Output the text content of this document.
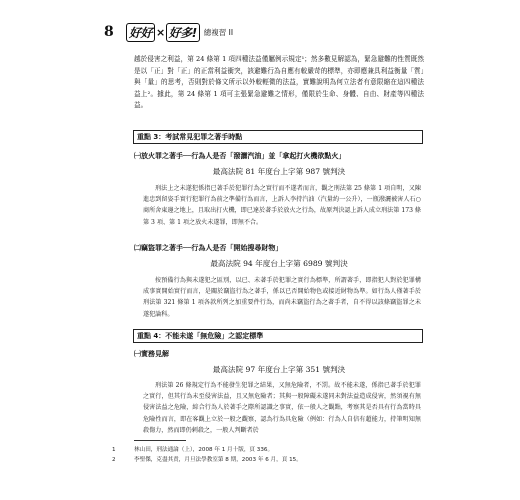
8	好好 × 好多! 總複習 II

越於侵害之利益，第 24 條第 1 項四種法益僅屬例示規定¹；然多數見解認為，緊急避難的性質既然是以「正」對「正」的正當利益衝突，該避難行為自應有較嚴苛的標準，亦即應兼具利益衡量「質」與「量」的思考，否則對於條文所示以外較輕微的法益，實難說明為何立法者有意限縮在這四種法益上²。據此，第 24 條第 1 項可主張緊急避難之情形，僅限於生命、身體、自由、財產等四種法益。

重點 3：考試常見犯罪之著手時點
㈠放火罪之著手──行為人是否「潑灑汽油」並「拿起打火機欲點火」
最高法院 81 年度台上字第 987 號判決

刑法上之未遂犯係指已著手於犯罪行為之實行而不遂者而言，觀之刑法第 25 條第 1 項自明，又陳進忠到留姿手實行犯罪行為前之準備行為而言，上訴人李持汽油（汽量約一公升），一瓶潑灑被害人石○商所舍東邊之地上，且取出打火機，即已達於著手於放火之行為，故原判決認上訴人成立刑法第 173 條第 3 項、第 1 項之放火未遂罪，即無不合。

㈡竊盜罪之著手──行為人是否「開始搜尋財物」
最高法院 94 年度台上字第 6989 號判決

按預備行為與未遂犯之區別，以已、未著手於犯罪之實行為標準，所謂著手，即指犯人對於犯罪構成事實開始實行而言，是關於竊盜行為之著手，係以已否開始物色或接近財物為準。如行為人僅著手於刑法第 321 條第 1 項各款所列之加重要件行為，而尚未竊盜行為之著手者，自不得以該條竊盜罪之未遂犯論科。

重點 4：不能未遂「無危險」之認定標準
㈠實務見解
最高法院 97 年度台上字第 351 號判決

刑法第 26 條規定行為不能發生犯罪之結果，又無危險者，不罰。故不能未遂，係指已著手於犯罪之實行，但其行為未至侵害法益，且又無危險者；其與一般障礙未遂同未對法益造成侵害，然須視有無侵害法益之危險，綜合行為人於著手之際所認識之事實，依一般人之觀點，考察其是否具有行為當時具危險性而言，即在客觀上立於一般之觀察，認為行為具危險（例如：行為人自信有超能力，持筆明知無殺傷力，然而即仍刺殺之，一般人判斷者於

1	林山田，刑法通論（上），2008 年 1 月十版，頁 336。
2	李聖傑，克盡其責，月旦法學教室第 8 期，2003 年 6 月，頁 15。
